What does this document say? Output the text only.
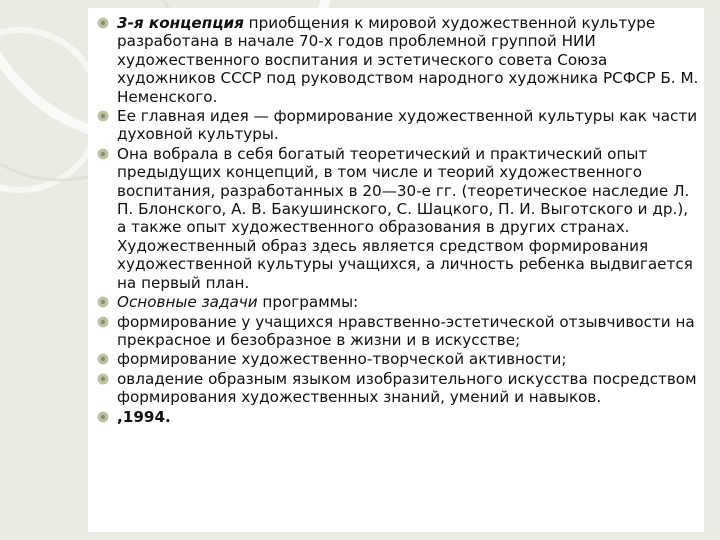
3-я концепция приобщения к мировой художественной культуре разработана в начале 70-х годов проблемной группой НИИ художественного воспитания и эстетического совета Союза художников СССР под руководством народного художника РСФСР Б. М. Неменского.
Ее главная идея — формирование художественной культуры как части духовной культуры.
Она вобрала в себя богатый теоретический и практический опыт предыдущих концепций, в том числе и теорий художественного воспитания, разработанных в 20—30-е гг. (теоретическое наследие Л. П. Блонского, А. В. Бакушинского, С. Шацкого, П. И. Выготского и др.), а также опыт художественного образования в других странах. Художественный образ здесь является средством формирования художественной культуры учащихся, а личность ребенка выдвигается на первый план.
Основные задачи программы:
формирование у учащихся нравственно-эстетической отзывчивости на прекрасное и безобразное в жизни и в искусстве;
формирование художественно-творческой активности;
овладение образным языком изобразительного искусства посредством формирования художественных знаний, умений и навыков.
,1994.
